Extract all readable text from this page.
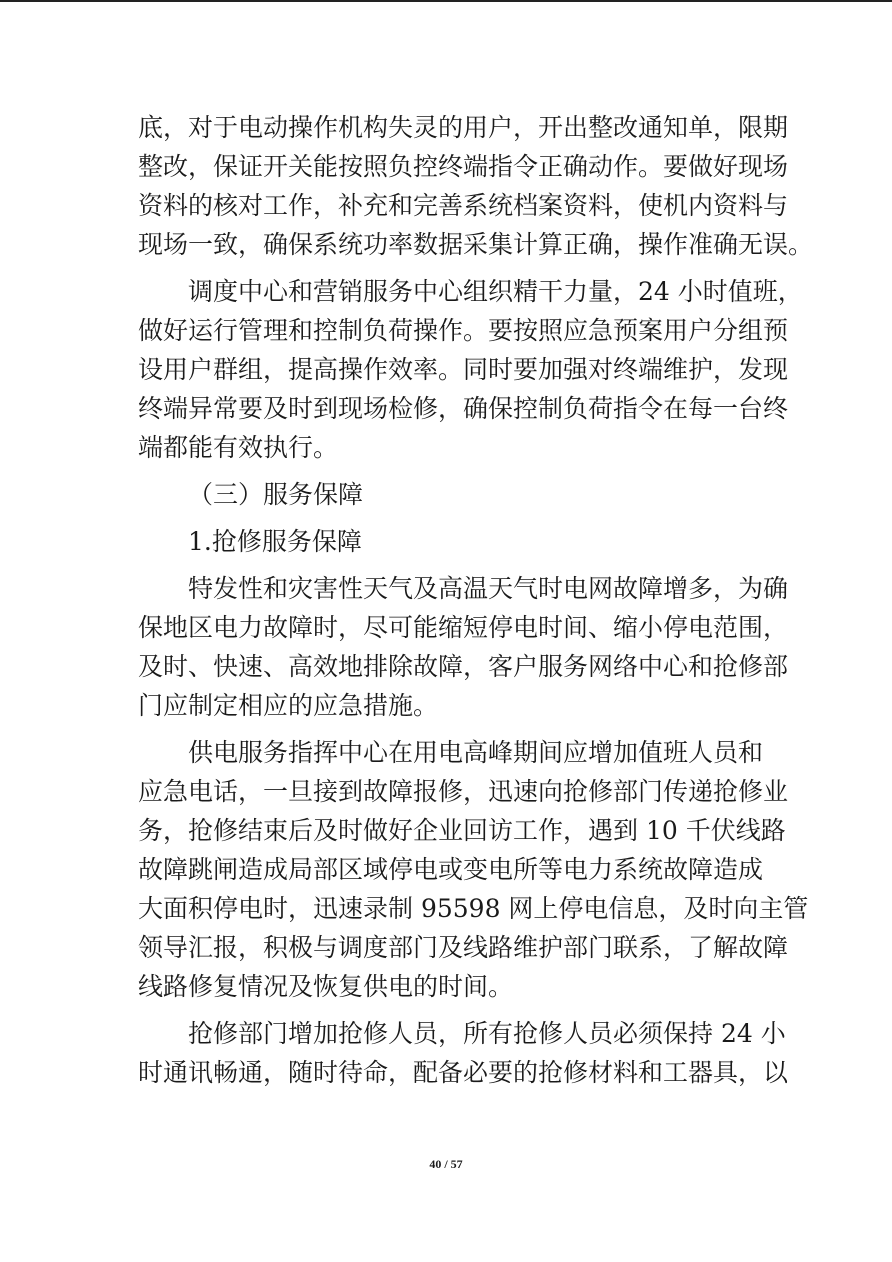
底，对于电动操作机构失灵的用户，开出整改通知单，限期
整改，保证开关能按照负控终端指令正确动作。要做好现场
资料的核对工作，补充和完善系统档案资料，使机内资料与
现场一致，确保系统功率数据采集计算正确，操作准确无误。
调度中心和营销服务中心组织精干力量，24 小时值班，
做好运行管理和控制负荷操作。要按照应急预案用户分组预
设用户群组，提高操作效率。同时要加强对终端维护，发现
终端异常要及时到现场检修，确保控制负荷指令在每一台终
端都能有效执行。
（三）服务保障
1.抢修服务保障
特发性和灾害性天气及高温天气时电网故障增多，为确
保地区电力故障时，尽可能缩短停电时间、缩小停电范围，
及时、快速、高效地排除故障，客户服务网络中心和抢修部
门应制定相应的应急措施。
供电服务指挥中心在用电高峰期间应增加值班人员和
应急电话，一旦接到故障报修，迅速向抢修部门传递抢修业
务，抢修结束后及时做好企业回访工作，遇到 10 千伏线路
故障跳闸造成局部区域停电或变电所等电力系统故障造成
大面积停电时，迅速录制 95598 网上停电信息，及时向主管
领导汇报，积极与调度部门及线路维护部门联系，了解故障
线路修复情况及恢复供电的时间。
抢修部门增加抢修人员，所有抢修人员必须保持 24 小
时通讯畅通，随时待命，配备必要的抢修材料和工器具，以
40 / 57
